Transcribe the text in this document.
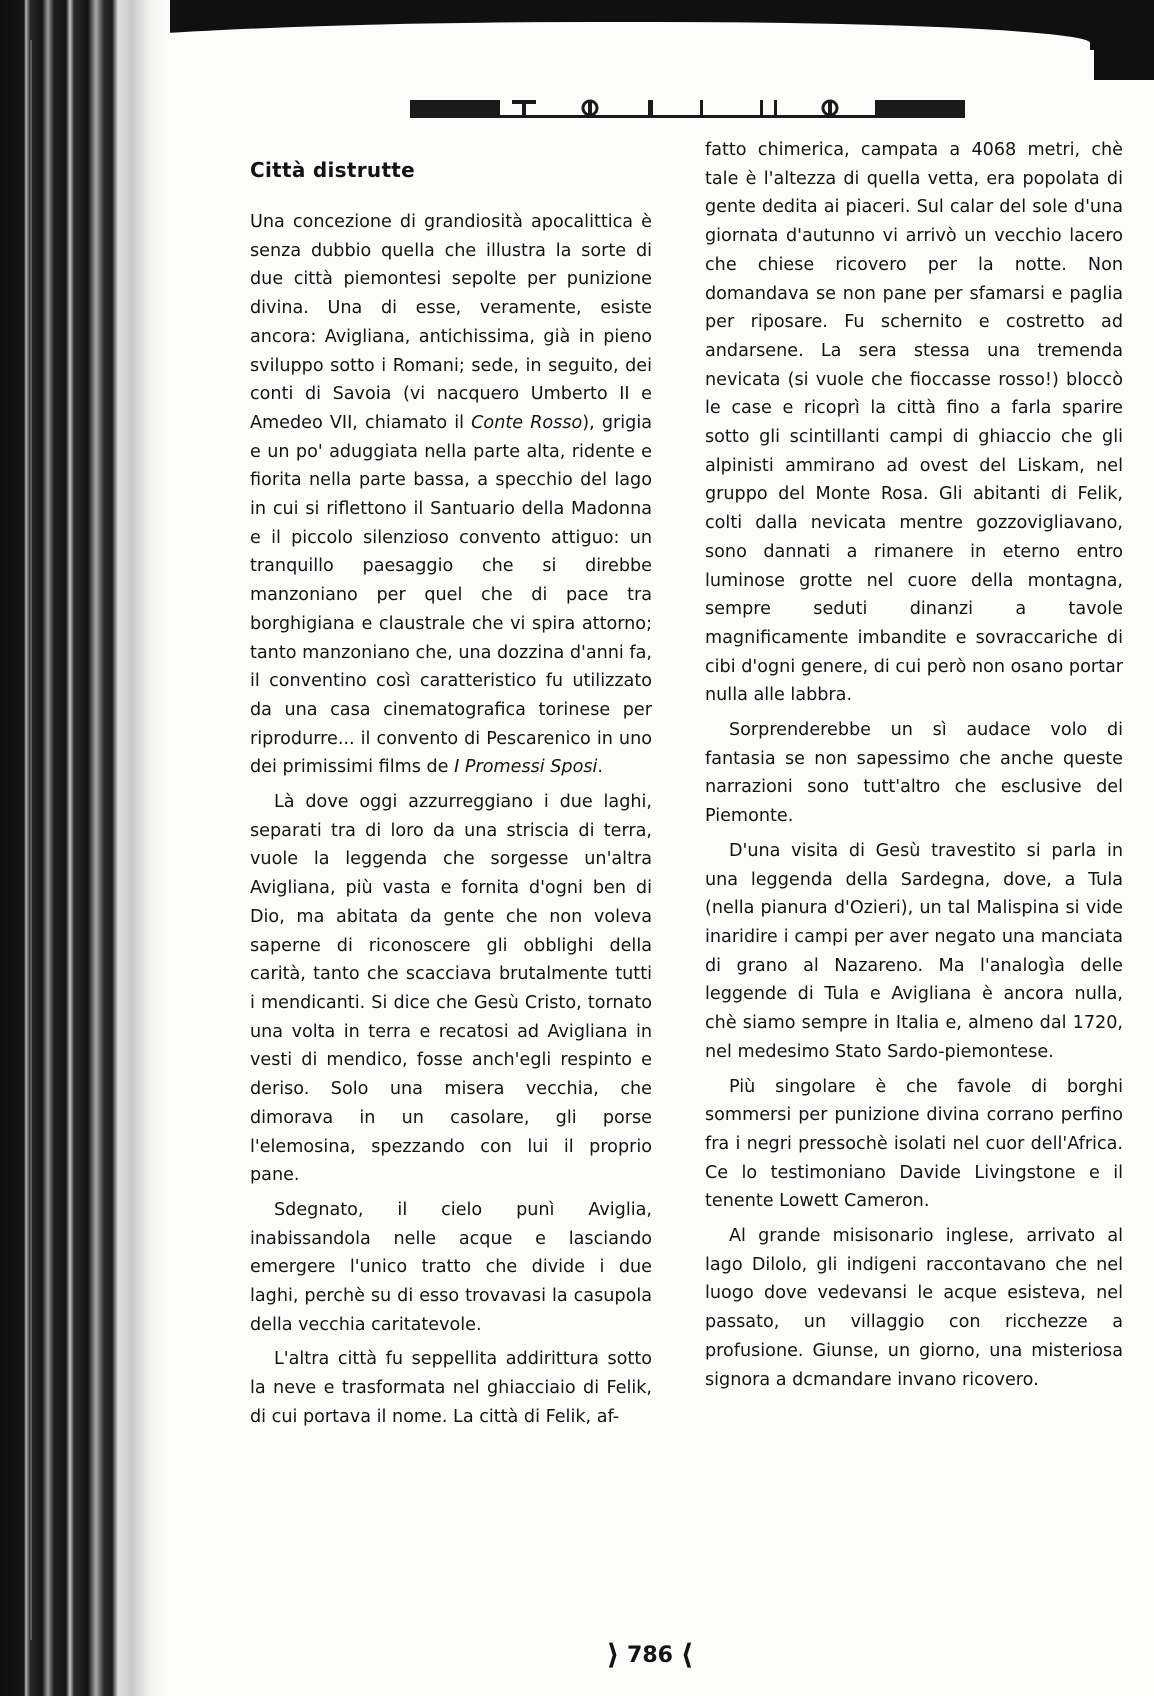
Città distrutte

Una concezione di grandiosità apocalittica è senza dubbio quella che illustra la sorte di due città piemontesi sepolte per punizione divina. Una di esse, veramente, esiste ancora: Avigliana, antichissima, già in pieno sviluppo sotto i Romani; sede, in seguito, dei conti di Savoia (vi nacquero Umberto II e Amedeo VII, chiamato il Conte Rosso), grigia e un po' aduggiata nella parte alta, ridente e fiorita nella parte bassa, a specchio del lago in cui si riflettono il Santuario della Madonna e il piccolo silenzioso convento attiguo: un tranquillo paesaggio che si direbbe manzoniano per quel che di pace tra borghigiana e claustrale che vi spira attorno; tanto manzoniano che, una dozzina d'anni fa, il conventino così caratteristico fu utilizzato da una casa cinematografica torinese per riprodurre... il convento di Pescarenico in uno dei primissimi films de I Promessi Sposi.

Là dove oggi azzurreggiano i due laghi, separati tra di loro da una striscia di terra, vuole la leggenda che sorgesse un'altra Avigliana, più vasta e fornita d'ogni ben di Dio, ma abitata da gente che non voleva saperne di riconoscere gli obblighi della carità, tanto che scacciava brutalmente tutti i mendicanti. Si dice che Gesù Cristo, tornato una volta in terra e recatosi ad Avigliana in vesti di mendico, fosse anch'egli respinto e deriso. Solo una misera vecchia, che dimorava in un casolare, gli porse l'elemosina, spezzando con lui il proprio pane.

Sdegnato, il cielo punì Aviglia, inabissandola nelle acque e lasciando emergere l'unico tratto che divide i due laghi, perchè su di esso trovavasi la casupola della vecchia caritatevole.

L'altra città fu seppellita addirittura sotto la neve e trasformata nel ghiacciaio di Felik, di cui portava il nome. La città di Felik, af-

fatto chimerica, campata a 4068 metri, chè tale è l'altezza di quella vetta, era popolata di gente dedita ai piaceri. Sul calar del sole d'una giornata d'autunno vi arrivò un vecchio lacero che chiese ricovero per la notte. Non domandava se non pane per sfamarsi e paglia per riposare. Fu schernito e costretto ad andarsene. La sera stessa una tremenda nevicata (si vuole che fioccasse rosso!) bloccò le case e ricoprì la città fino a farla sparire sotto gli scintillanti campi di ghiaccio che gli alpinisti ammirano ad ovest del Liskam, nel gruppo del Monte Rosa. Gli abitanti di Felik, colti dalla nevicata mentre gozzovigliavano, sono dannati a rimanere in eterno entro luminose grotte nel cuore della montagna, sempre seduti dinanzi a tavole magnificamente imbandite e sovraccariche di cibi d'ogni genere, di cui però non osano portar nulla alle labbra.

Sorprenderebbe un sì audace volo di fantasia se non sapessimo che anche queste narrazioni sono tutt'altro che esclusive del Piemonte.

D'una visita di Gesù travestito si parla in una leggenda della Sardegna, dove, a Tula (nella pianura d'Ozieri), un tal Malispina si vide inaridire i campi per aver negato una manciata di grano al Nazareno. Ma l'analogìa delle leggende di Tula e Avigliana è ancora nulla, chè siamo sempre in Italia e, almeno dal 1720, nel medesimo Stato Sardo-piemontese.

Più singolare è che favole di borghi sommersi per punizione divina corrano perfino fra i negri pressochè isolati nel cuor dell'Africa. Ce lo testimoniano Davide Livingstone e il tenente Lowett Cameron.

Al grande misisonario inglese, arrivato al lago Dilolo, gli indigeni raccontavano che nel luogo dove vedevansi le acque esisteva, nel passato, un villaggio con ricchezze a profusione. Giunse, un giorno, una misteriosa signora a dcmandare invano ricovero.

⟩ 786 ⟨
